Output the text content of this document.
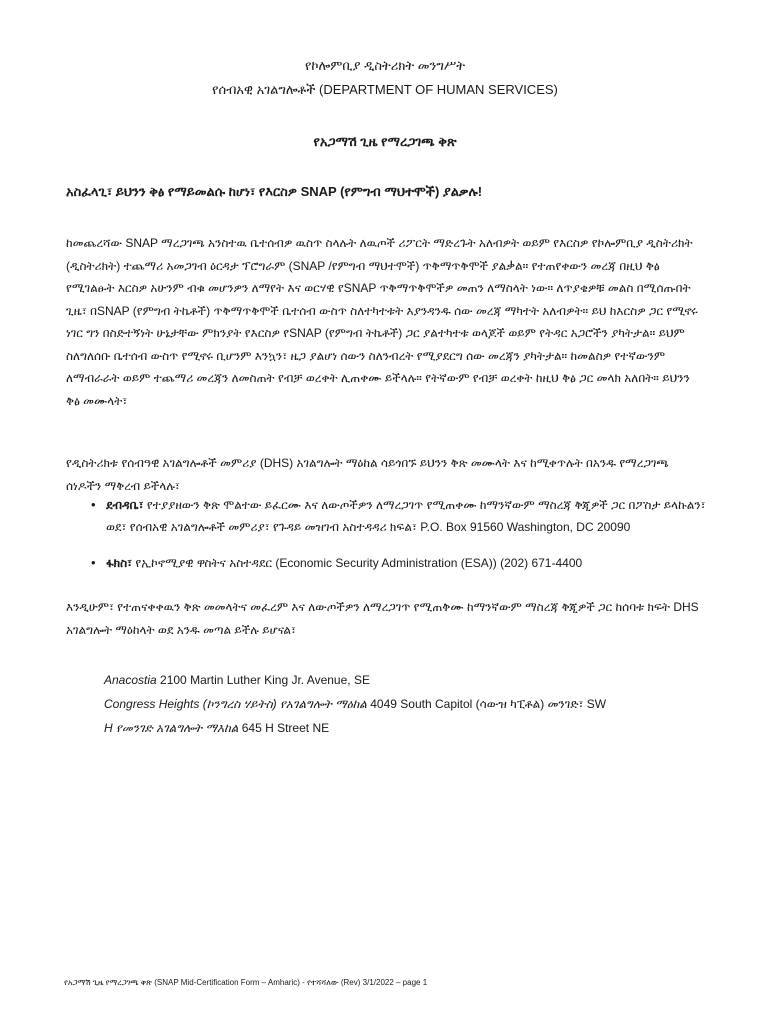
የኮሎምቢያ ዲስትሪክት መንግሥት
የሰብአዊ አገልግሎቶች (DEPARTMENT OF HUMAN SERVICES)
የአጋማሽ ጊዜ የማረጋገጫ ቅጽ
አስፈላጊ፣ ይህንን ቅፅ የማይመልሱ ከሆነ፣ የእርስዎ SNAP (የምግብ ማህተሞች) ያልቃሉ!
ከመጨረሻው SNAP ማረጋገጫ አንስተዉ ቤተሰብዎ ዉስጥ ስላሉት ለዉጦች ሪፖርት ማድረጉት አለብዎት ወይም የእርስዎ የኮሎምቢያ ዲስትሪክት (ዲስትሪክት) ተጨማሪ አመጋገብ ዕርዳታ ፕሮግራም (SNAP /የምግብ ማህተሞች) ጥቅማጥቅሞች ያልቃል። የተጠየቀውን መረጃ በዚህ ቅፅ የሚገልፁት እርስዎ አሁንም ብቁ መሆንዎን ለማየት እና ወርሃዊ የSNAP ጥቅማጥቅሞችዎ መጠን ለማስላት ነው። ለጥያቄዎቹ መልስ በሚሰጡበት ጊዜ፣ በSNAP (የምግብ ትኬቶች) ጥቅማጥቅሞች ቤተሰብ ውስጥ ስለተካተቱት እያንዳንዱ ሰው መረጃ ማካተት አለብዎት። ይህ ከእርስዎ ጋር የሚኖሩ ነገር ግን በስድተኝነት ሁኔታቸው ምክንያት የእርስዎ የSNAP (የምግብ ትኬቶች) ጋር ያልተካተቱ ወላጆች ወይም የትዳር አጋሮችን ያካትታል። ይህም ስለግለሰቡ ቤተሰብ ውስጥ የሚኖሩ ቢሆንም እንኳን፣ ዜጋ ያልሆነ ሰውን ስለንብረት የሚያደርግ ሰው መረጃን ያካትታል። ከመልስዎ የተኛውንም ለማብራራት ወይም ተጨማሪ መረጃን ለመስጠት የብቻ ወረቀት ሊጠቀሙ ይችላሉ። የትኛውም የብቻ ወረቀት ከዚህ ቅፅ ጋር መላክ አለበት። ይህንን ቅፅ መሙላት፣
የዲስትሪክቱ የሰብዓዊ አገልግሎቶች መምሪያ (DHS) አገልግሎት ማዕከል ሳይጎበኙ ይህንን ቅጽ መሙላት እና ከሚቀጥሉት በአንዱ የማረጋገጫ ሰነዶችን ማቅረብ ይችላሉ፣
• ደብዳቤ፣ የተያያዘውን ቅጽ ሞልተው ይፈርሙ እና ለውጦችዎን ለማረጋገጥ የሚጠቀሙ ከማንኛውም ማስረጃ ቅጂዎች ጋር በፖስታ ይላኩልን፣ ወደ፣ የሰብአዊ አገልግሎቶች መምሪያ፣ የጉዳይ መዝገብ አስተዳዳሪ ክፍል፣ P.O. Box 91560 Washington, DC 20090
• ፋክስ፣ የኢኮኖሚያዊ ዋስትና አስተዳደር (Economic Security Administration (ESA)) (202) 671-4400
እንዲሁም፣ የተጠናቀቀዉን ቅጽ መመላትና መፈረም እና ለውጦችዎን ለማረጋገጥ የሚጠቅሙ ከማንኛውም ማስረጃ ቅጂዎች ጋር ከሰባቱ ክፍት DHS አገልግሎት ማዕከላት ወደ አንዱ መጣል ይችሉ ይሆናል፣
Anacostia 2100 Martin Luther King Jr. Avenue, SE
Congress Heights (ኮንግረስ ሃይትስ) የአገልግሎት ማዕከል 4049 South Capitol (ሳውዝ ካፒቶል) መንገድ፣ SW
H የመንገድ አገልግሎት ማእከል 645 H Street NE
የአጋማሽ ጊዜ የማረጋገጫ ቅጽ (SNAP Mid-Certification Form – Amharic) - የተሻሻለው (Rev) 3/1/2022 – page 1
